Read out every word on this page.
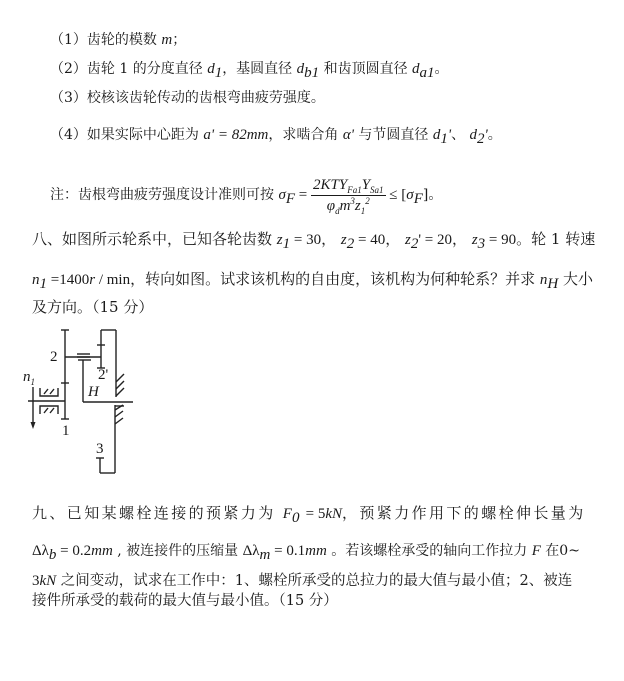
（1）齿轮的模数 m；
（2）齿轮 1 的分度直径 $d_1$，基圆直径 $d_{b1}$ 和齿顶圆直径 $d_{a1}$。
（3）校核该齿轮传动的齿根弯曲疲劳强度。
（4）如果实际中心距为 a' = 82mm，求啮合角 α' 与节圆直径 $d_1'$、 $d_2'$。
注：齿根弯曲疲劳强度设计准则可按 $\sigma_F = \frac{2KTY_{Fa1}Y_{Sa1}}{\varphi_dm^3z_1^2} \le [\sigma_F]$。
八、如图所示轮系中，已知各轮齿数 $z_1 = 30$， $z_2 = 40$， $z_2' = 20$， $z_3 = 90$。轮 1 转速
$n_1 =1400r / \min$，转向如图。试求该机构的自由度，该机构为何种轮系？并求 $n_H$ 大小
及方向。（15 分）
2
2'
$n_1$
H
1
3
九、已知某螺栓连接的预紧力为 $F_0 = 5kN$，预紧力作用下的螺栓伸长量为
$\Delta\lambda_b = 0.2mm$ , 被连接件的压缩量 $\Delta\lambda_m = 0.1mm$ 。若该螺栓承受的轴向工作拉力 F 在0~
3kN 之间变动，试求在工作中：1、螺栓所承受的总拉力的最大值与最小值；2、被连
接件所承受的载荷的最大值与最小值。（15 分）
